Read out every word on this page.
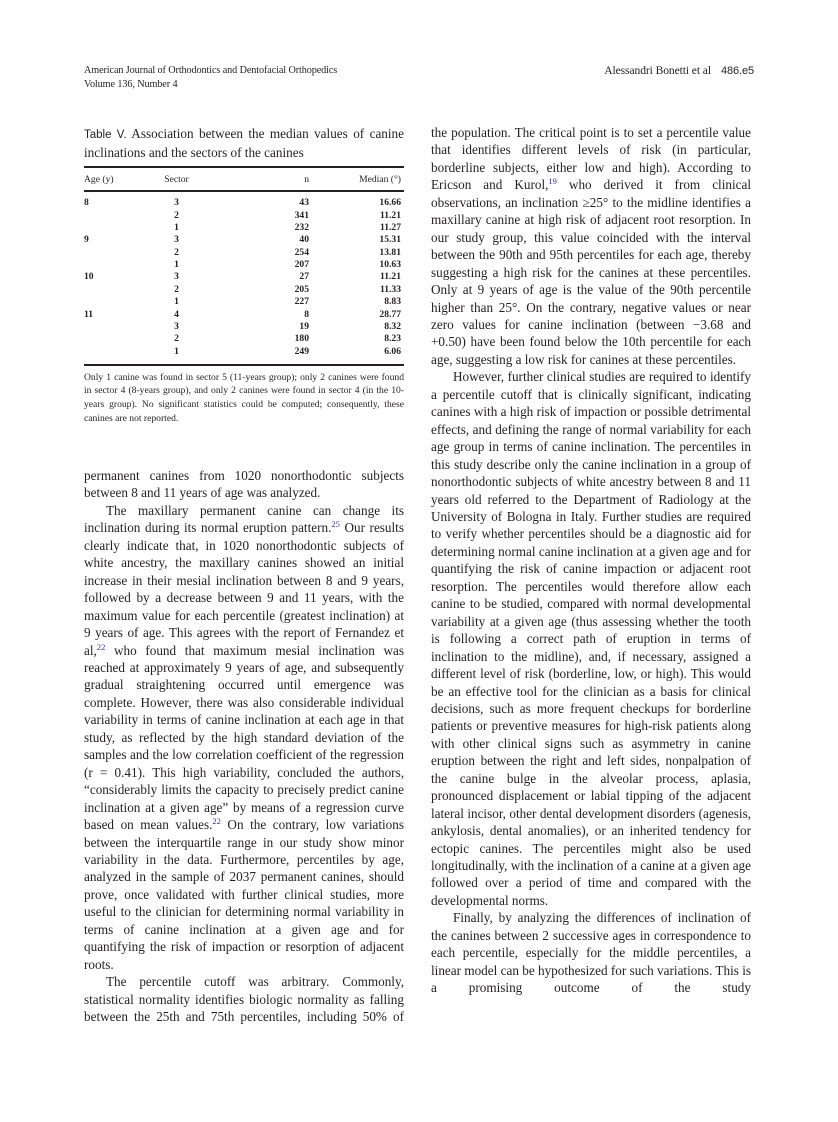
American Journal of Orthodontics and Dentofacial Orthopedics
Volume 136, Number 4
Alessandri Bonetti et al 486.e5

Table V. Association between the median values of canine inclinations and the sectors of the canines

Age (y)	Sector	n	Median (°)
8	3	43	16.66
	2	341	11.21
	1	232	11.27
9	3	40	15.31
	2	254	13.81
	1	207	10.63
10	3	27	11.21
	2	205	11.33
	1	227	8.83
11	4	8	28.77
	3	19	8.32
	2	180	8.23
	1	249	6.06
Only 1 canine was found in sector 5 (11-years group); only 2 canines were found in sector 4 (8-years group), and only 2 canines were found in sector 4 (in the 10-years group). No significant statistics could be computed; consequently, these canines are not reported.

permanent canines from 1020 nonorthodontic subjects between 8 and 11 years of age was analyzed.

The maxillary permanent canine can change its inclination during its normal eruption pattern.$^{25}$ Our results clearly indicate that, in 1020 nonorthodontic subjects of white ancestry, the maxillary canines showed an initial increase in their mesial inclination between 8 and 9 years, followed by a decrease between 9 and 11 years, with the maximum value for each percentile (greatest inclination) at 9 years of age. This agrees with the report of Fernandez et al,$^{22}$ who found that maximum mesial inclination was reached at approximately 9 years of age, and subsequently gradual straightening occurred until emergence was complete. However, there was also considerable individual variability in terms of canine inclination at each age in that study, as reflected by the high standard deviation of the samples and the low correlation coefficient of the regression (r = 0.41). This high variability, concluded the authors, “considerably limits the capacity to precisely predict canine inclination at a given age” by means of a regression curve based on mean values.$^{22}$ On the contrary, low variations between the interquartile range in our study show minor variability in the data. Furthermore, percentiles by age, analyzed in the sample of 2037 permanent canines, should prove, once validated with further clinical studies, more useful to the clinician for determining normal variability in terms of canine inclination at a given age and for quantifying the risk of impaction or resorption of adjacent roots.

The percentile cutoff was arbitrary. Commonly, statistical normality identifies biologic normality as falling between the 25th and 75th percentiles, including 50% of

the population. The critical point is to set a percentile value that identifies different levels of risk (in particular, borderline subjects, either low and high). According to Ericson and Kurol,$^{19}$ who derived it from clinical observations, an inclination ≥25° to the midline identifies a maxillary canine at high risk of adjacent root resorption. In our study group, this value coincided with the interval between the 90th and 95th percentiles for each age, thereby suggesting a high risk for the canines at these percentiles. Only at 9 years of age is the value of the 90th percentile higher than 25°. On the contrary, negative values or near zero values for canine inclination (between −3.68 and +0.50) have been found below the 10th percentile for each age, suggesting a low risk for canines at these percentiles.

However, further clinical studies are required to identify a percentile cutoff that is clinically significant, indicating canines with a high risk of impaction or possible detrimental effects, and defining the range of normal variability for each age group in terms of canine inclination. The percentiles in this study describe only the canine inclination in a group of nonorthodontic subjects of white ancestry between 8 and 11 years old referred to the Department of Radiology at the University of Bologna in Italy. Further studies are required to verify whether percentiles should be a diagnostic aid for determining normal canine inclination at a given age and for quantifying the risk of canine impaction or adjacent root resorption. The percentiles would therefore allow each canine to be studied, compared with normal developmental variability at a given age (thus assessing whether the tooth is following a correct path of eruption in terms of inclination to the midline), and, if necessary, assigned a different level of risk (borderline, low, or high). This would be an effective tool for the clinician as a basis for clinical decisions, such as more frequent checkups for borderline patients or preventive measures for high-risk patients along with other clinical signs such as asymmetry in canine eruption between the right and left sides, nonpalpation of the canine bulge in the alveolar process, aplasia, pronounced displacement or labial tipping of the adjacent lateral incisor, other dental development disorders (agenesis, ankylosis, dental anomalies), or an inherited tendency for ectopic canines. The percentiles might also be used longitudinally, with the inclination of a canine at a given age followed over a period of time and compared with the developmental norms.

Finally, by analyzing the differences of inclination of the canines between 2 successive ages in correspondence to each percentile, especially for the middle percentiles, a linear model can be hypothesized for such variations. This is a promising outcome of the study
